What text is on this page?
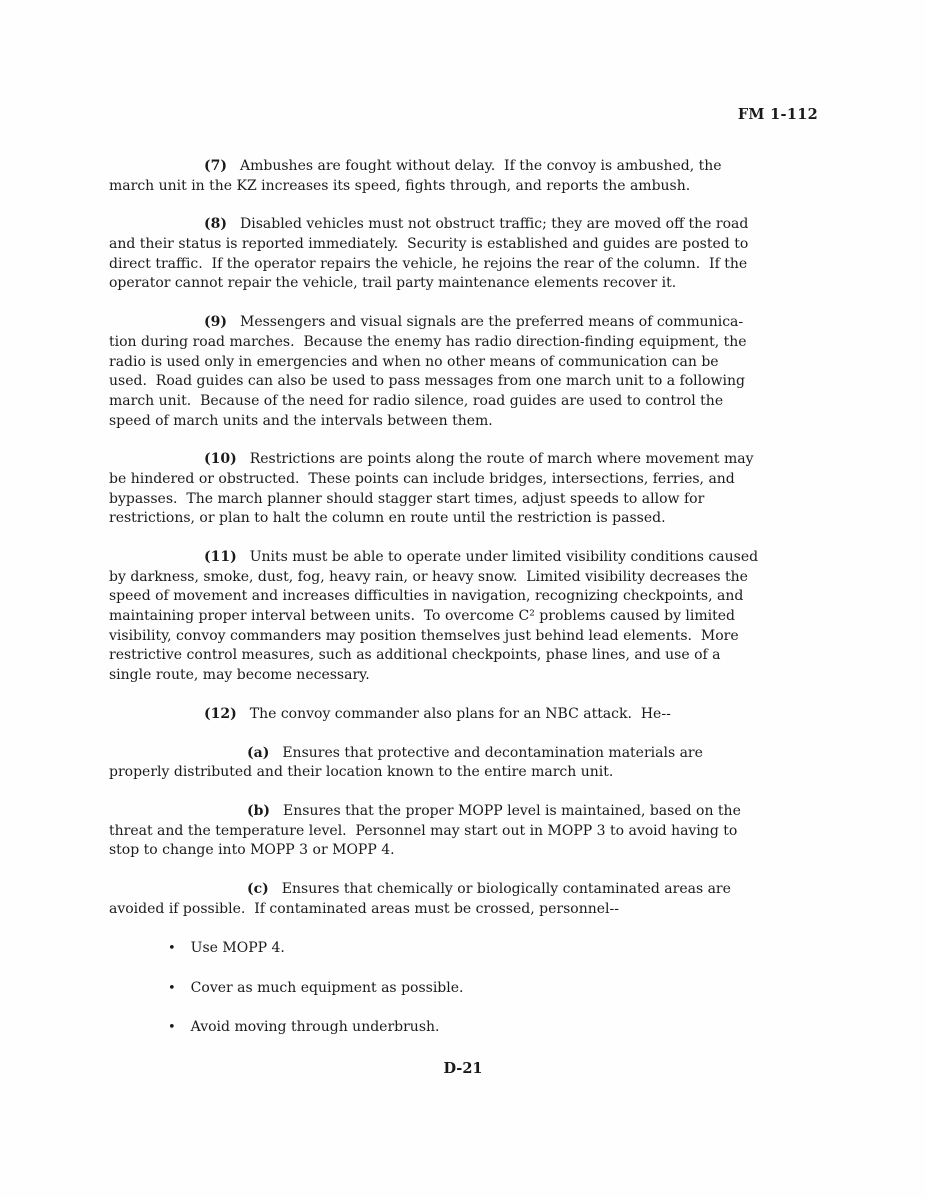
FM 1-112
(7) Ambushes are fought without delay.  If the convoy is ambushed, the
march unit in the KZ increases its speed, fights through, and reports the ambush.
(8) Disabled vehicles must not obstruct traffic; they are moved off the road
and their status is reported immediately.  Security is established and guides are posted to
direct traffic.  If the operator repairs the vehicle, he rejoins the rear of the column.  If the
operator cannot repair the vehicle, trail party maintenance elements recover it.
(9) Messengers and visual signals are the preferred means of communica-
tion during road marches.  Because the enemy has radio direction-finding equipment, the
radio is used only in emergencies and when no other means of communication can be
used.  Road guides can also be used to pass messages from one march unit to a following
march unit.  Because of the need for radio silence, road guides are used to control the
speed of march units and the intervals between them.
(10) Restrictions are points along the route of march where movement may
be hindered or obstructed.  These points can include bridges, intersections, ferries, and
bypasses.  The march planner should stagger start times, adjust speeds to allow for
restrictions, or plan to halt the column en route until the restriction is passed.
(11) Units must be able to operate under limited visibility conditions caused
by darkness, smoke, dust, fog, heavy rain, or heavy snow.  Limited visibility decreases the
speed of movement and increases difficulties in navigation, recognizing checkpoints, and
maintaining proper interval between units.  To overcome C² problems caused by limited
visibility, convoy commanders may position themselves just behind lead elements.  More
restrictive control measures, such as additional checkpoints, phase lines, and use of a
single route, may become necessary.
(12) The convoy commander also plans for an NBC attack.  He--
(a) Ensures that protective and decontamination materials are
properly distributed and their location known to the entire march unit.
(b) Ensures that the proper MOPP level is maintained, based on the
threat and the temperature level.  Personnel may start out in MOPP 3 to avoid having to
stop to change into MOPP 3 or MOPP 4.
(c) Ensures that chemically or biologically contaminated areas are
avoided if possible.  If contaminated areas must be crossed, personnel--
• Use MOPP 4.
• Cover as much equipment as possible.
• Avoid moving through underbrush.
D-21
